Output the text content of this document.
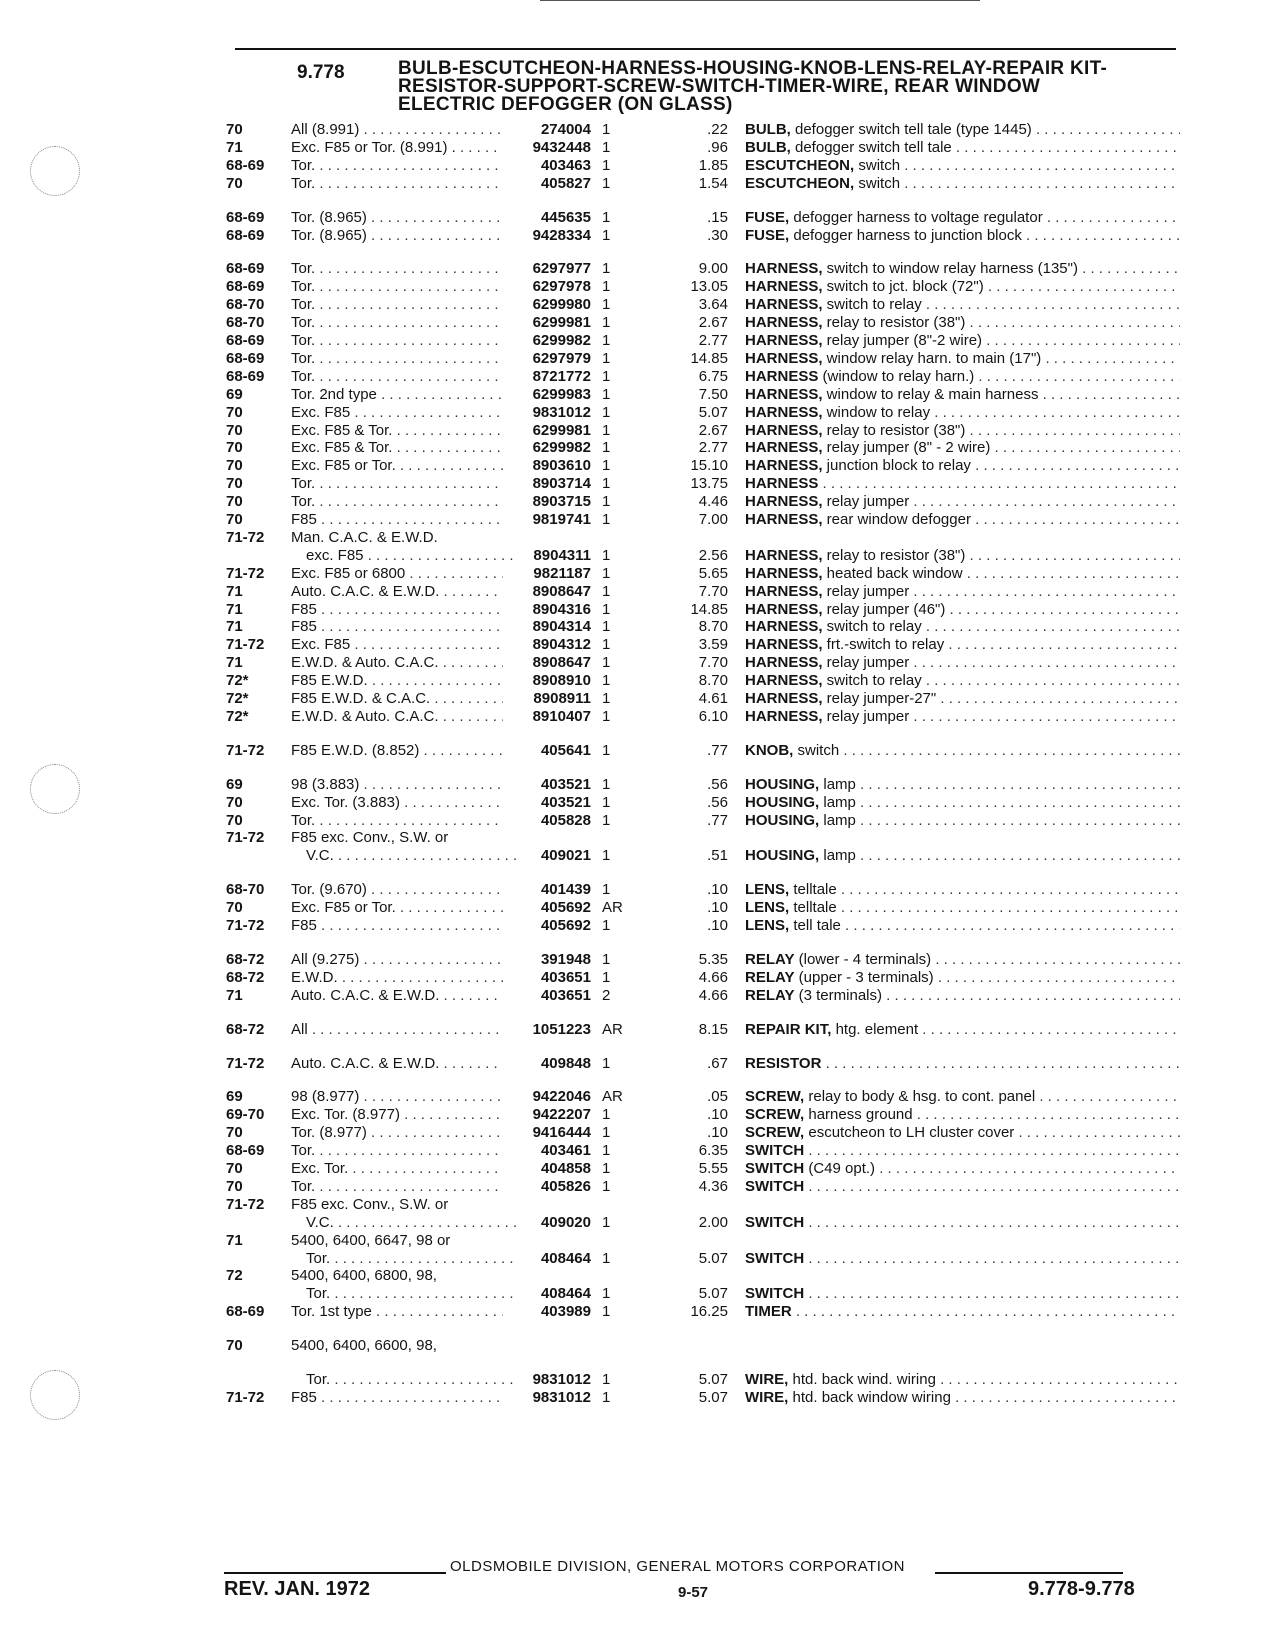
9.778	BULB-ESCUTCHEON-HARNESS-HOUSING-KNOB-LENS-RELAY-REPAIR KIT-
RESISTOR-SUPPORT-SCREW-SWITCH-TIMER-WIRE, REAR WINDOW
ELECTRIC DEFOGGER (ON GLASS)
70	All (8.991) . . .	274004 1	.22 BULB, defogger switch tell tale (type 1445) . . .
71	Exc. F85 or Tor. (8.991) . . . .	9432448 1	.96 BULB, defogger switch tell tale . . .
68-69	Tor. . . .	403463 1	1.85 ESCUTCHEON, switch . . .
70	Tor. . . .	405827 1	1.54 ESCUTCHEON, switch . . .
68-69	Tor. (8.965) . . .	445635 1	.15 FUSE, defogger harness to voltage regulator . . .
68-69	Tor. (8.965) . . .	9428334 1	.30 FUSE, defogger harness to junction block . . .
68-69	Tor. . . .	6297977 1	9.00 HARNESS, switch to window relay harness (135") . . .
68-69	Tor. . . .	6297978 1	13.05 HARNESS, switch to jct. block (72") . . .
68-70	Tor. . . .	6299980 1	3.64 HARNESS, switch to relay . . .
68-70	Tor. . . .	6299981 1	2.67 HARNESS, relay to resistor (38") . . .
68-69	Tor. . . .	6299982 1	2.77 HARNESS, relay jumper (8"-2 wire) . . .
68-69	Tor. . . .	6297979 1	14.85 HARNESS, window relay harn. to main (17") . . .
68-69	Tor. . . .	8721772 1	6.75 HARNESS (window to relay harn.) . . .
69	Tor. 2nd type . . .	6299983 1	7.50 HARNESS, window to relay & main harness . . .
70	Exc. F85 . . .	9831012 1	5.07 HARNESS, window to relay . . .
70	Exc. F85 & Tor. . . .	6299981 1	2.67 HARNESS, relay to resistor (38") . . .
70	Exc. F85 & Tor. . . .	6299982 1	2.77 HARNESS, relay jumper (8" - 2 wire) . . .
70	Exc. F85 or Tor. . . .	8903610 1	15.10 HARNESS, junction block to relay . . .
70	Tor. . . .	8903714 1	13.75 HARNESS . . .
70	Tor. . . .	8903715 1	4.46 HARNESS, relay jumper . . .
70	F85 . . .	9819741 1	7.00 HARNESS, rear window defogger . . .
71-72	Man. C.A.C. & E.W.D.
exc. F85 . . .	8904311 1	2.56 HARNESS, relay to resistor (38") . . .
71-72	Exc. F85 or 6800 . . .	9821187 1	5.65 HARNESS, heated back window . . .
71	Auto. C.A.C. & E.W.D. . . .	8908647 1	7.70 HARNESS, relay jumper . . .
71	F85 . . .	8904316 1	14.85 HARNESS, relay jumper (46") . . .
71	F85 . . .	8904314 1	8.70 HARNESS, switch to relay . . .
71-72	Exc. F85 . . .	8904312 1	3.59 HARNESS, frt.-switch to relay . . .
71	E.W.D. & Auto. C.A.C. . . .	8908647 1	7.70 HARNESS, relay jumper . . .
72*	F85 E.W.D. . . .	8908910 1	8.70 HARNESS, switch to relay . . .
72*	F85 E.W.D. & C.A.C. . . .	8908911 1	4.61 HARNESS, relay jumper-27" . . .
72*	E.W.D. & Auto. C.A.C. . . .	8910407 1	6.10 HARNESS, relay jumper . . .
71-72	F85 E.W.D. (8.852) . . .	405641 1	.77 KNOB, switch . . .
69	98 (3.883) . . .	403521 1	.56 HOUSING, lamp . . .
70	Exc. Tor. (3.883) . . .	403521 1	.56 HOUSING, lamp . . .
70	Tor. . . .	405828 1	.77 HOUSING, lamp . . .
71-72	F85 exc. Conv., S.W. or
V.C. . . .	409021 1	.51 HOUSING, lamp . . .
68-70	Tor. (9.670) . . .	401439 1	.10 LENS, telltale . . .
70	Exc. F85 or Tor. . . .	405692 AR	.10 LENS, telltale . . .
71-72	F85 . . .	405692 1	.10 LENS, tell tale . . .
68-72	All (9.275) . . .	391948 1	5.35 RELAY (lower - 4 terminals) . . .
68-72	E.W.D. . . .	403651 1	4.66 RELAY (upper - 3 terminals) . . .
71	Auto. C.A.C. & E.W.D. . . .	403651 2	4.66 RELAY (3 terminals) . . .
68-72	All . . .	1051223 AR	8.15 REPAIR KIT, htg. element . . .
71-72	Auto. C.A.C. & E.W.D. . . .	409848 1	.67 RESISTOR . . .
69	98 (8.977) . . .	9422046 AR	.05 SCREW, relay to body & hsg. to cont. panel . . .
69-70	Exc. Tor. (8.977) . . .	9422207 1	.10 SCREW, harness ground . . .
70	Tor. (8.977) . . .	9416444 1	.10 SCREW, escutcheon to LH cluster cover . . .
68-69	Tor. . . .	403461 1	6.35 SWITCH . . .
70	Exc. Tor. . . .	404858 1	5.55 SWITCH (C49 opt.) . . .
70	Tor. . . .	405826 1	4.36 SWITCH . . .
71-72	F85 exc. Conv., S.W. or
V.C. . . .	409020 1	2.00 SWITCH . . .
71	5400, 6400, 6647, 98 or
Tor. . . .	408464 1	5.07 SWITCH . . .
72	5400, 6400, 6800, 98,
Tor. . . .	408464 1	5.07 SWITCH . . .
68-69	Tor. 1st type . . .	403989 1	16.25 TIMER . . .
70	5400, 6400, 6600, 98,
Tor. . . .	9831012 1	5.07 WIRE, htd. back wind. wiring . . .
71-72	F85 . . .	9831012 1	5.07 WIRE, htd. back window wiring . . .
OLDSMOBILE DIVISION, GENERAL MOTORS CORPORATION
REV. JAN. 1972	9-57	9.778-9.778
